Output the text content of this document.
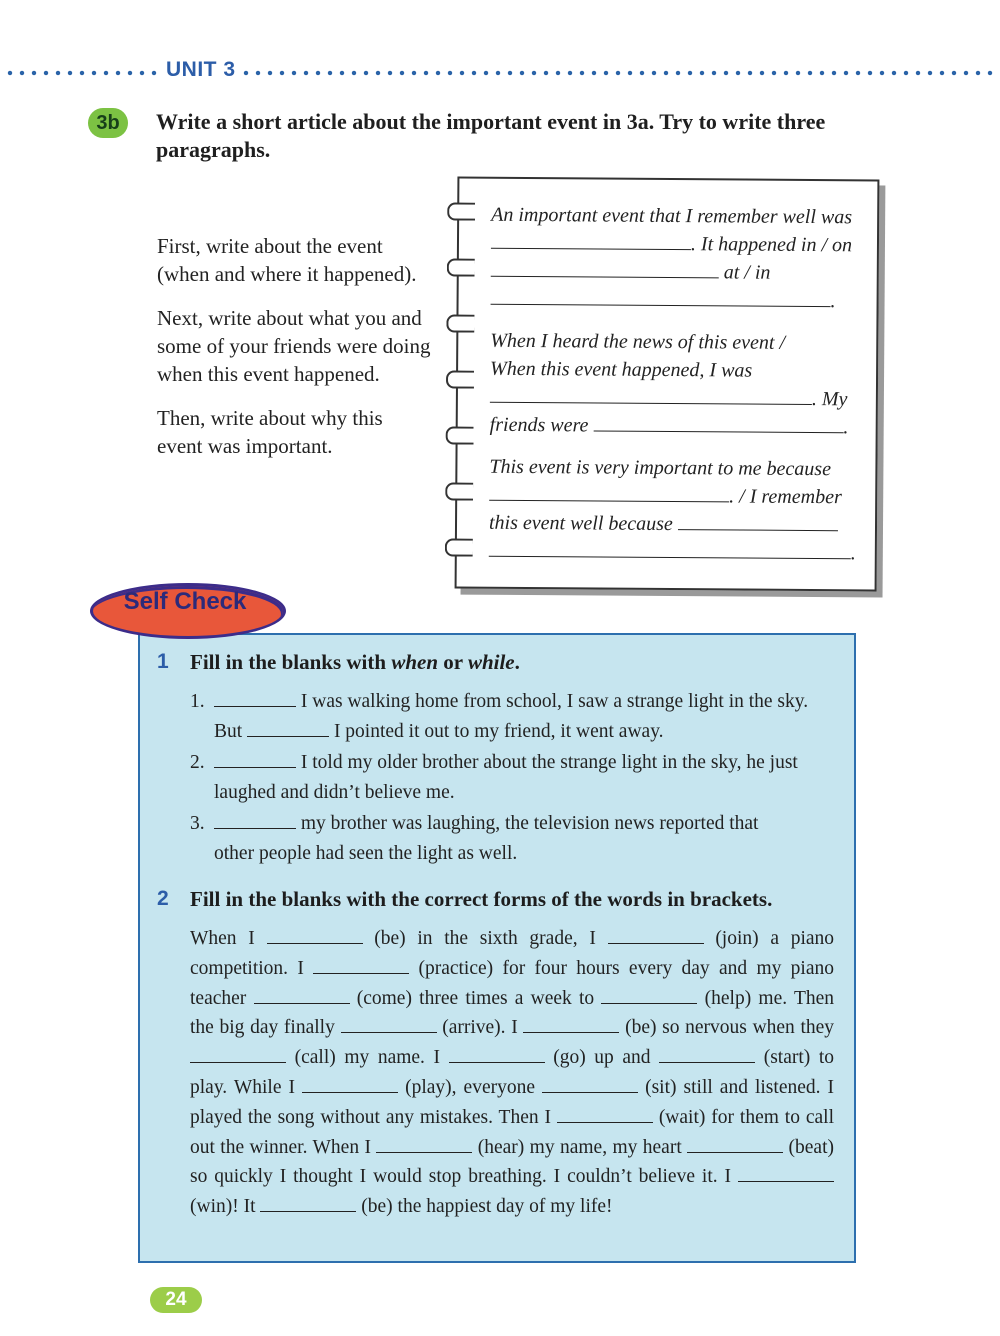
UNIT 3
3b	Write a short article about the important event in 3a. Try to write three paragraphs.

First, write about the event (when and where it happened).

Next, write about what you and some of your friends were doing when this event happened.

Then, write about why this event was important.

An important event that I remember well was . It happened in / on  at / in
.

When I heard the news of this event /
When this event happened, I was
. My
friends were	.

This event is very important to me because
. / I remember
this event well because
.

Self Check
1 Fill in the blanks with when or while.
1.	I was walking home from school, I saw a strange light in the sky.
But	I pointed it out to my friend, it went away.
2.	I told my older brother about the strange light in the sky, he just
laughed and didn’t believe me.
3.	my brother was laughing, the television news reported that
other people had seen the light as well.
2 Fill in the blanks with the correct forms of the words in brackets.
When I	(be) in the sixth grade, I	(join) a piano competition. I	(practice) for four hours every day and my piano teacher	(come) three times a week to	(help) me. Then the big day finally	(arrive). I	(be) so nervous when they  (call) my name. I	(go) up and	(start) to play. While I	(play), everyone	(sit) still and listened. I played the song without any mistakes. Then I	(wait) for them to call out the winner. When I	(hear) my name, my heart	(beat) so quickly I thought I would stop breathing. I couldn’t believe it. I  (win)! It	(be) the happiest day of my life!
24
